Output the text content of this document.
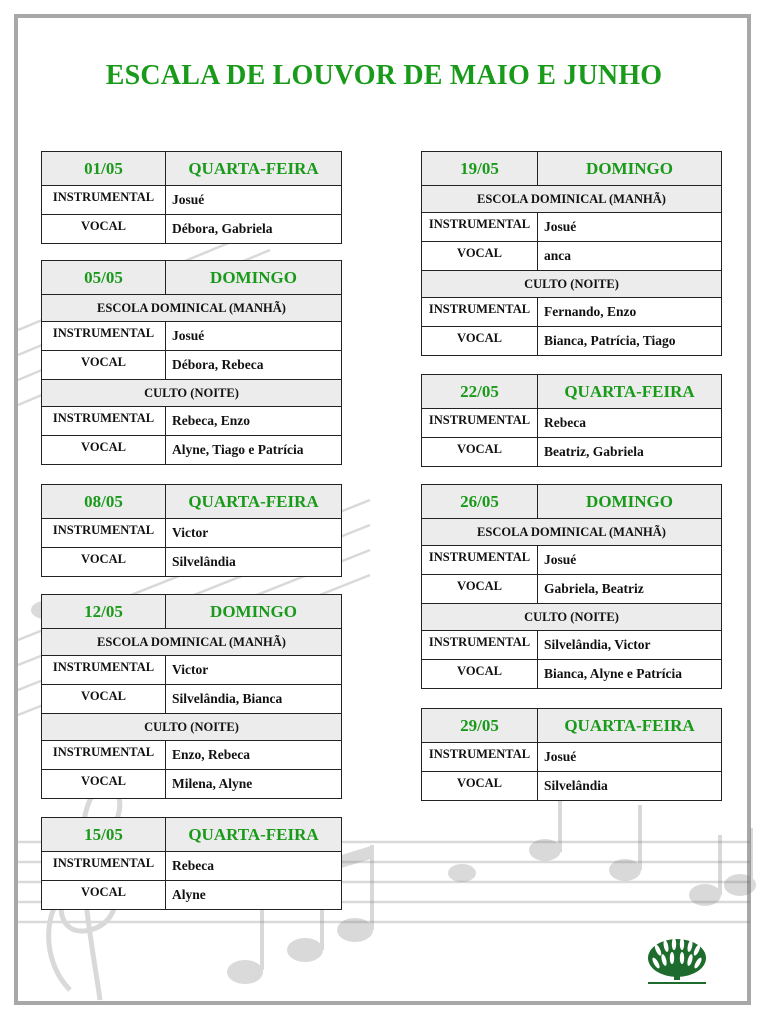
ESCALA DE LOUVOR DE MAIO E JUNHO
01/05	QUARTA-FEIRA
INSTRUMENTAL	Josué
VOCAL	Débora, Gabriela
05/05	DOMINGO
ESCOLA DOMINICAL (MANHÃ)	
INSTRUMENTAL	Josué
VOCAL	Débora, Rebeca
CULTO (NOITE)	
INSTRUMENTAL	Rebeca, Enzo
VOCAL	Alyne, Tiago e Patrícia
08/05	QUARTA-FEIRA
INSTRUMENTAL	Victor
VOCAL	Silvelândia
12/05	DOMINGO
ESCOLA DOMINICAL (MANHÃ)	
INSTRUMENTAL	Victor
VOCAL	Silvelândia, Bianca
CULTO (NOITE)	
INSTRUMENTAL	Enzo, Rebeca
VOCAL	Milena, Alyne
15/05	QUARTA-FEIRA
INSTRUMENTAL	Rebeca
VOCAL	Alyne
19/05	DOMINGO
ESCOLA DOMINICAL (MANHÃ)	
INSTRUMENTAL	Josué
VOCAL	anca
CULTO (NOITE)	
INSTRUMENTAL	Fernando, Enzo
VOCAL	Bianca, Patrícia, Tiago
22/05	QUARTA-FEIRA
INSTRUMENTAL	Rebeca
VOCAL	Beatriz, Gabriela
26/05	DOMINGO
ESCOLA DOMINICAL (MANHÃ)	
INSTRUMENTAL	Josué
VOCAL	Gabriela, Beatriz
CULTO (NOITE)	
INSTRUMENTAL	Silvelândia, Victor
VOCAL	Bianca, Alyne e Patrícia
29/05	QUARTA-FEIRA
INSTRUMENTAL	Josué
VOCAL	Silvelândia
